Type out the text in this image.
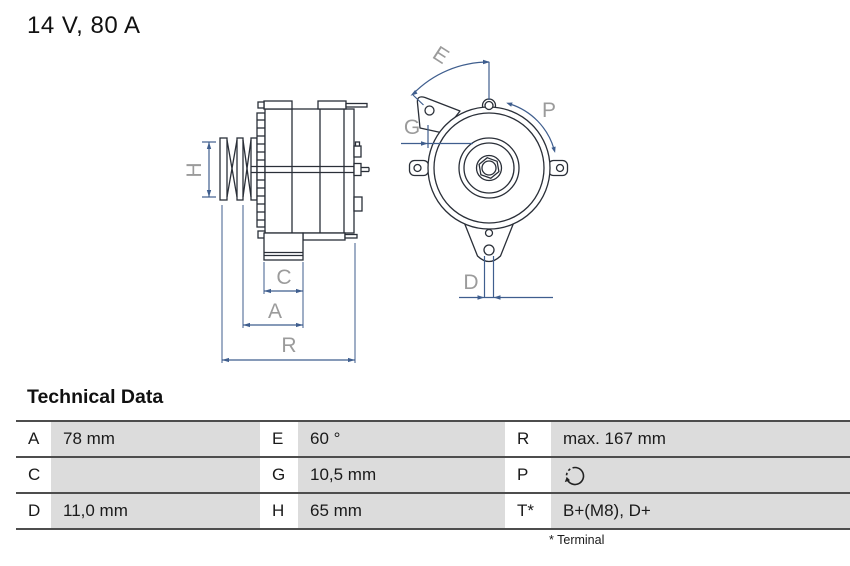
14 V, 80 A
H
C
A
R
E
G
P
D
Technical Data
A	78 mm	E	60 °	R	max. 167 mm
C		G	10,5 mm	P	
D	11,0 mm	H	65 mm	T*	B+(M8), D+
* Terminal
